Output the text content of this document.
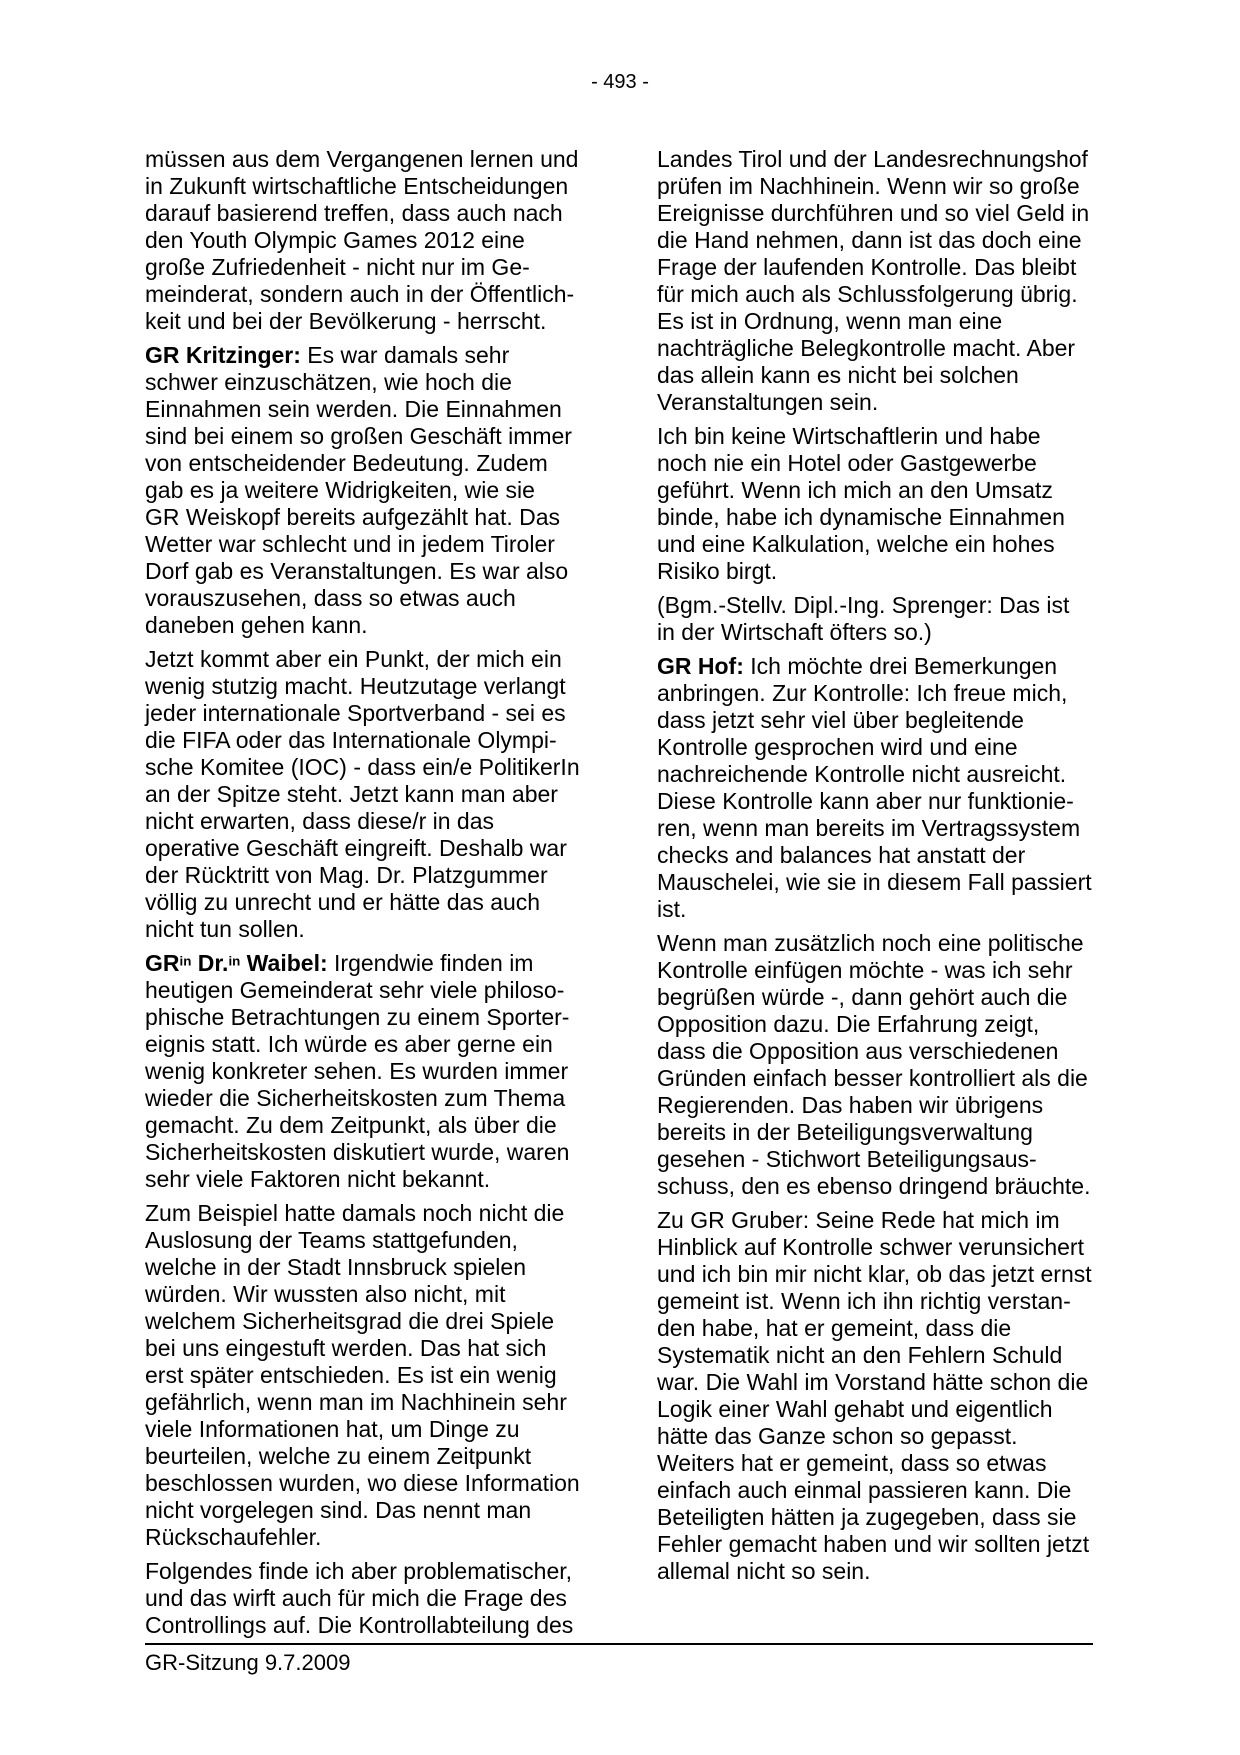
- 493 -

müssen aus dem Vergangenen lernen und
in Zukunft wirtschaftliche Entscheidungen
darauf basierend treffen, dass auch nach
den Youth Olympic Games 2012 eine
große Zufriedenheit - nicht nur im Ge-
meinderat, sondern auch in der Öffentlich-
keit und bei der Bevölkerung - herrscht.

GR Kritzinger: Es war damals sehr
schwer einzuschätzen, wie hoch die
Einnahmen sein werden. Die Einnahmen
sind bei einem so großen Geschäft immer
von entscheidender Bedeutung. Zudem
gab es ja weitere Widrigkeiten, wie sie
GR Weiskopf bereits aufgezählt hat. Das
Wetter war schlecht und in jedem Tiroler
Dorf gab es Veranstaltungen. Es war also
vorauszusehen, dass so etwas auch
daneben gehen kann.

Jetzt kommt aber ein Punkt, der mich ein
wenig stutzig macht. Heutzutage verlangt
jeder internationale Sportverband - sei es
die FIFA oder das Internationale Olympi-
sche Komitee (IOC) - dass ein/e PolitikerIn
an der Spitze steht. Jetzt kann man aber
nicht erwarten, dass diese/r in das
operative Geschäft eingreift. Deshalb war
der Rücktritt von Mag. Dr. Platzgummer
völlig zu unrecht und er hätte das auch
nicht tun sollen.

$GR^{in}$ Dr.$^{in}$ Waibel: Irgendwie finden im
heutigen Gemeinderat sehr viele philoso-
phische Betrachtungen zu einem Sporter-
eignis statt. Ich würde es aber gerne ein
wenig konkreter sehen. Es wurden immer
wieder die Sicherheitskosten zum Thema
gemacht. Zu dem Zeitpunkt, als über die
Sicherheitskosten diskutiert wurde, waren
sehr viele Faktoren nicht bekannt.

Zum Beispiel hatte damals noch nicht die
Auslosung der Teams stattgefunden,
welche in der Stadt Innsbruck spielen
würden. Wir wussten also nicht, mit
welchem Sicherheitsgrad die drei Spiele
bei uns eingestuft werden. Das hat sich
erst später entschieden. Es ist ein wenig
gefährlich, wenn man im Nachhinein sehr
viele Informationen hat, um Dinge zu
beurteilen, welche zu einem Zeitpunkt
beschlossen wurden, wo diese Information
nicht vorgelegen sind. Das nennt man
Rückschaufehler.

Folgendes finde ich aber problematischer,
und das wirft auch für mich die Frage des
Controllings auf. Die Kontrollabteilung des

Landes Tirol und der Landesrechnungshof
prüfen im Nachhinein. Wenn wir so große
Ereignisse durchführen und so viel Geld in
die Hand nehmen, dann ist das doch eine
Frage der laufenden Kontrolle. Das bleibt
für mich auch als Schlussfolgerung übrig.
Es ist in Ordnung, wenn man eine
nachträgliche Belegkontrolle macht. Aber
das allein kann es nicht bei solchen
Veranstaltungen sein.

Ich bin keine Wirtschaftlerin und habe
noch nie ein Hotel oder Gastgewerbe
geführt. Wenn ich mich an den Umsatz
binde, habe ich dynamische Einnahmen
und eine Kalkulation, welche ein hohes
Risiko birgt.

(Bgm.-Stellv. Dipl.-Ing. Sprenger: Das ist
in der Wirtschaft öfters so.)

GR Hof: Ich möchte drei Bemerkungen
anbringen. Zur Kontrolle: Ich freue mich,
dass jetzt sehr viel über begleitende
Kontrolle gesprochen wird und eine
nachreichende Kontrolle nicht ausreicht.
Diese Kontrolle kann aber nur funktionie-
ren, wenn man bereits im Vertragssystem
checks and balances hat anstatt der
Mauschelei, wie sie in diesem Fall passiert
ist.

Wenn man zusätzlich noch eine politische
Kontrolle einfügen möchte - was ich sehr
begrüßen würde -, dann gehört auch die
Opposition dazu. Die Erfahrung zeigt,
dass die Opposition aus verschiedenen
Gründen einfach besser kontrolliert als die
Regierenden. Das haben wir übrigens
bereits in der Beteiligungsverwaltung
gesehen - Stichwort Beteiligungsaus-
schuss, den es ebenso dringend bräuchte.

Zu GR Gruber: Seine Rede hat mich im
Hinblick auf Kontrolle schwer verunsichert
und ich bin mir nicht klar, ob das jetzt ernst
gemeint ist. Wenn ich ihn richtig verstan-
den habe, hat er gemeint, dass die
Systematik nicht an den Fehlern Schuld
war. Die Wahl im Vorstand hätte schon die
Logik einer Wahl gehabt und eigentlich
hätte das Ganze schon so gepasst.
Weiters hat er gemeint, dass so etwas
einfach auch einmal passieren kann. Die
Beteiligten hätten ja zugegeben, dass sie
Fehler gemacht haben und wir sollten jetzt
allemal nicht so sein.

GR-Sitzung 9.7.2009
